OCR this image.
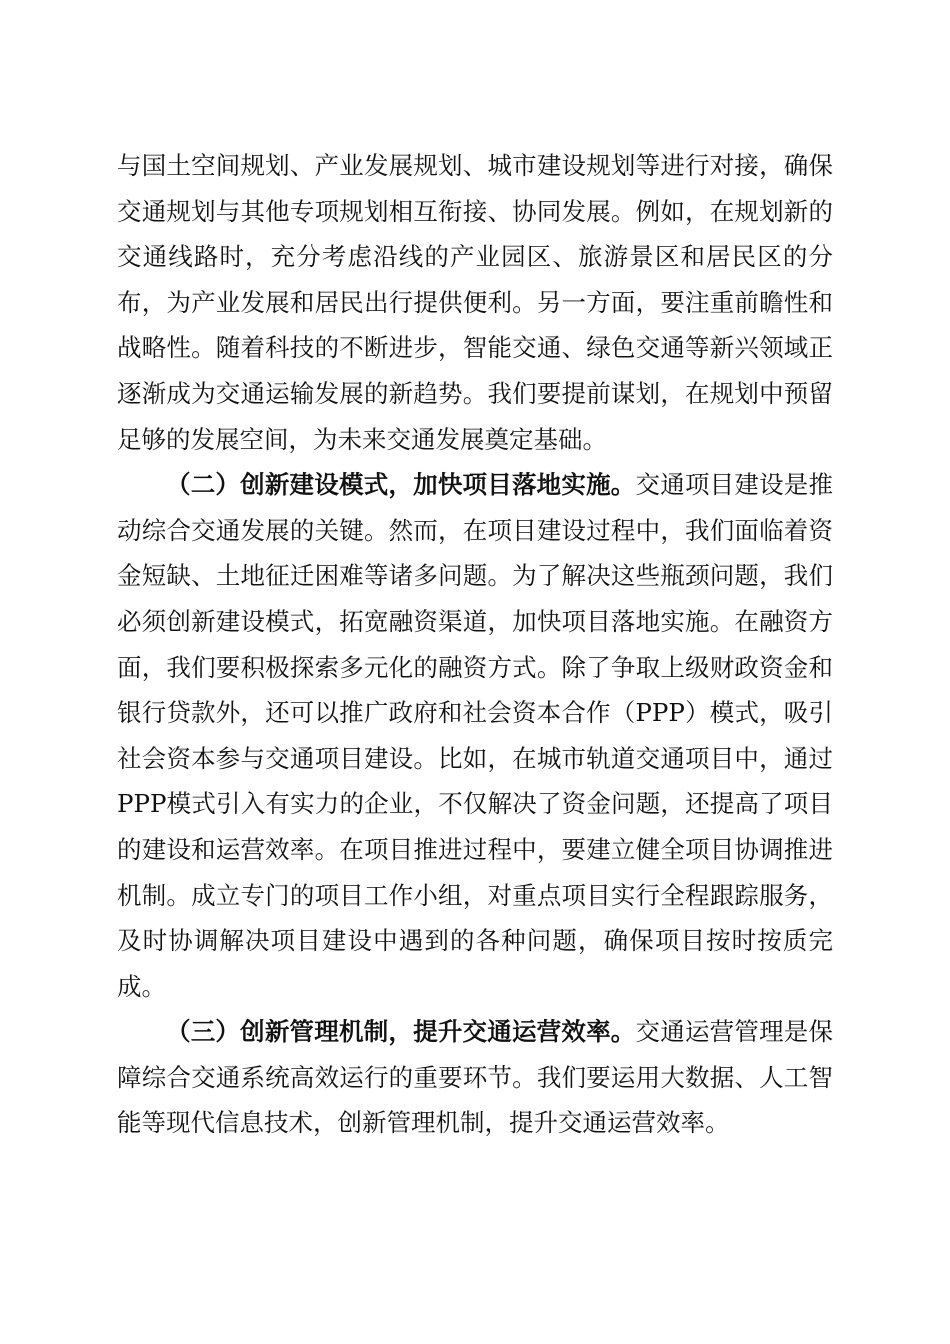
与国土空间规划、产业发展规划、城市建设规划等进行对接，确保交通规划与其他专项规划相互衔接、协同发展。例如，在规划新的交通线路时，充分考虑沿线的产业园区、旅游景区和居民区的分布，为产业发展和居民出行提供便利。另一方面，要注重前瞻性和战略性。随着科技的不断进步，智能交通、绿色交通等新兴领域正逐渐成为交通运输发展的新趋势。我们要提前谋划，在规划中预留足够的发展空间，为未来交通发展奠定基础。

（二）创新建设模式，加快项目落地实施。交通项目建设是推动综合交通发展的关键。然而，在项目建设过程中，我们面临着资金短缺、土地征迁困难等诸多问题。为了解决这些瓶颈问题，我们必须创新建设模式，拓宽融资渠道，加快项目落地实施。在融资方面，我们要积极探索多元化的融资方式。除了争取上级财政资金和银行贷款外，还可以推广政府和社会资本合作（PPP）模式，吸引社会资本参与交通项目建设。比如，在城市轨道交通项目中，通过PPP模式引入有实力的企业，不仅解决了资金问题，还提高了项目的建设和运营效率。在项目推进过程中，要建立健全项目协调推进机制。成立专门的项目工作小组，对重点项目实行全程跟踪服务，及时协调解决项目建设中遇到的各种问题，确保项目按时按质完成。

（三）创新管理机制，提升交通运营效率。交通运营管理是保障综合交通系统高效运行的重要环节。我们要运用大数据、人工智能等现代信息技术，创新管理机制，提升交通运营效率。
